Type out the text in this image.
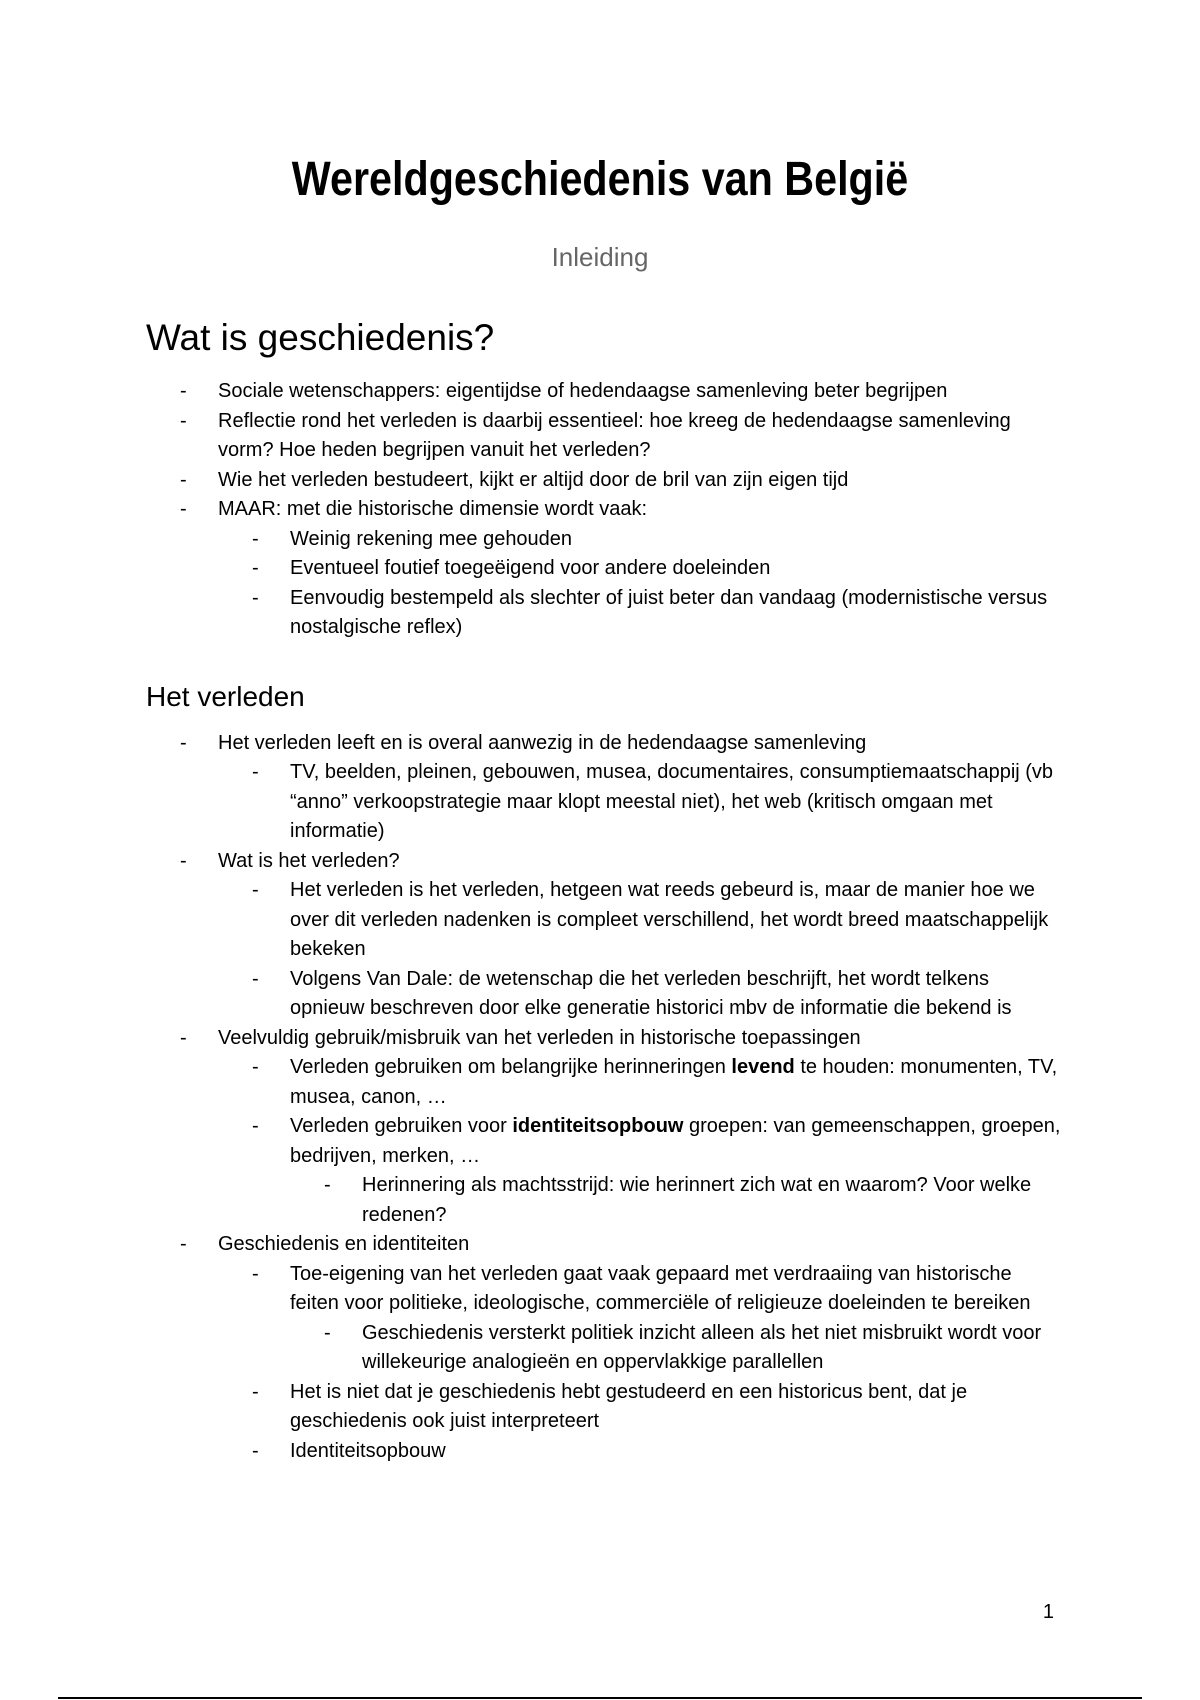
Wereldgeschiedenis van België
Inleiding
Wat is geschiedenis?
- Sociale wetenschappers: eigentijdse of hedendaagse samenleving beter begrijpen
- Reflectie rond het verleden is daarbij essentieel: hoe kreeg de hedendaagse samenleving vorm? Hoe heden begrijpen vanuit het verleden?
- Wie het verleden bestudeert, kijkt er altijd door de bril van zijn eigen tijd
- MAAR: met die historische dimensie wordt vaak:
- Weinig rekening mee gehouden
- Eventueel foutief toegeëigend voor andere doeleinden
- Eenvoudig bestempeld als slechter of juist beter dan vandaag (modernistische versus nostalgische reflex)
Het verleden
- Het verleden leeft en is overal aanwezig in de hedendaagse samenleving
- TV, beelden, pleinen, gebouwen, musea, documentaires, consumptiemaatschappij (vb “anno” verkoopstrategie maar klopt meestal niet), het web (kritisch omgaan met informatie)
- Wat is het verleden?
- Het verleden is het verleden, hetgeen wat reeds gebeurd is, maar de manier hoe we over dit verleden nadenken is compleet verschillend, het wordt breed maatschappelijk bekeken
- Volgens Van Dale: de wetenschap die het verleden beschrijft, het wordt telkens opnieuw beschreven door elke generatie historici mbv de informatie die bekend is
- Veelvuldig gebruik/misbruik van het verleden in historische toepassingen
- Verleden gebruiken om belangrijke herinneringen levend te houden: monumenten, TV, musea, canon, …
- Verleden gebruiken voor identiteitsopbouw groepen: van gemeenschappen, groepen, bedrijven, merken, …
- Herinnering als machtsstrijd: wie herinnert zich wat en waarom? Voor welke redenen?
- Geschiedenis en identiteiten
- Toe-eigening van het verleden gaat vaak gepaard met verdraaiing van historische feiten voor politieke, ideologische, commerciële of religieuze doeleinden te bereiken
- Geschiedenis versterkt politiek inzicht alleen als het niet misbruikt wordt voor willekeurige analogieën en oppervlakkige parallellen
- Het is niet dat je geschiedenis hebt gestudeerd en een historicus bent, dat je geschiedenis ook juist interpreteert
- Identiteitsopbouw
1
